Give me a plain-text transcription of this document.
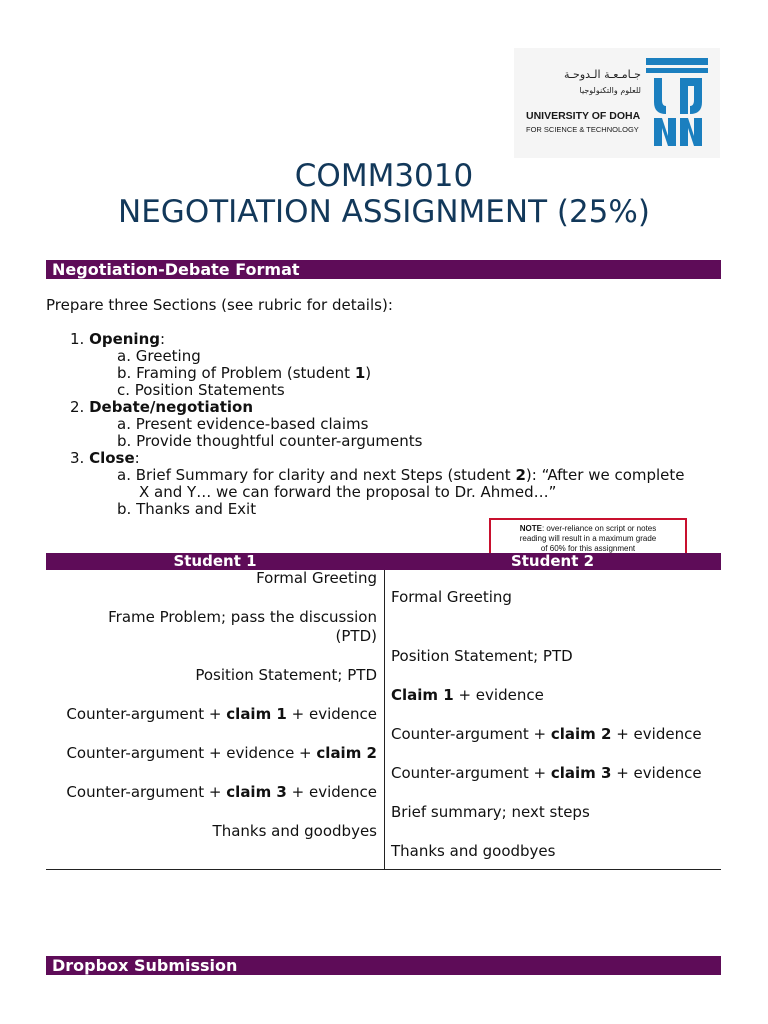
جـامـعـة الـدوحـة
للعلوم والتكنولوجيا
UNIVERSITY OF DOHA
FOR SCIENCE & TECHNOLOGY
COMM3010
NEGOTIATION ASSIGNMENT (25%)
Negotiation-Debate Format
Prepare three Sections (see rubric for details):
1. Opening:
a. Greeting
b. Framing of Problem (student 1)
c. Position Statements
2. Debate/negotiation
a. Present evidence-based claims
b. Provide thoughtful counter-arguments
3. Close:
a. Brief Summary for clarity and next Steps (student 2): “After we complete
X and Y… we can forward the proposal to Dr. Ahmed…”
b. Thanks and Exit
NOTE: over-reliance on script or notes
reading will result in a maximum grade
of 60% for this assignment
Student 1	Student 2
Formal Greeting
Frame Problem; pass the discussion
(PTD)
Position Statement; PTD
Counter-argument + claim 1 + evidence
Counter-argument + evidence + claim 2
Counter-argument + claim 3 + evidence
Thanks and goodbyes
Formal Greeting
Position Statement; PTD
Claim 1 + evidence
Counter-argument + claim 2 + evidence
Counter-argument + claim 3 + evidence
Brief summary; next steps
Thanks and goodbyes
Dropbox Submission
